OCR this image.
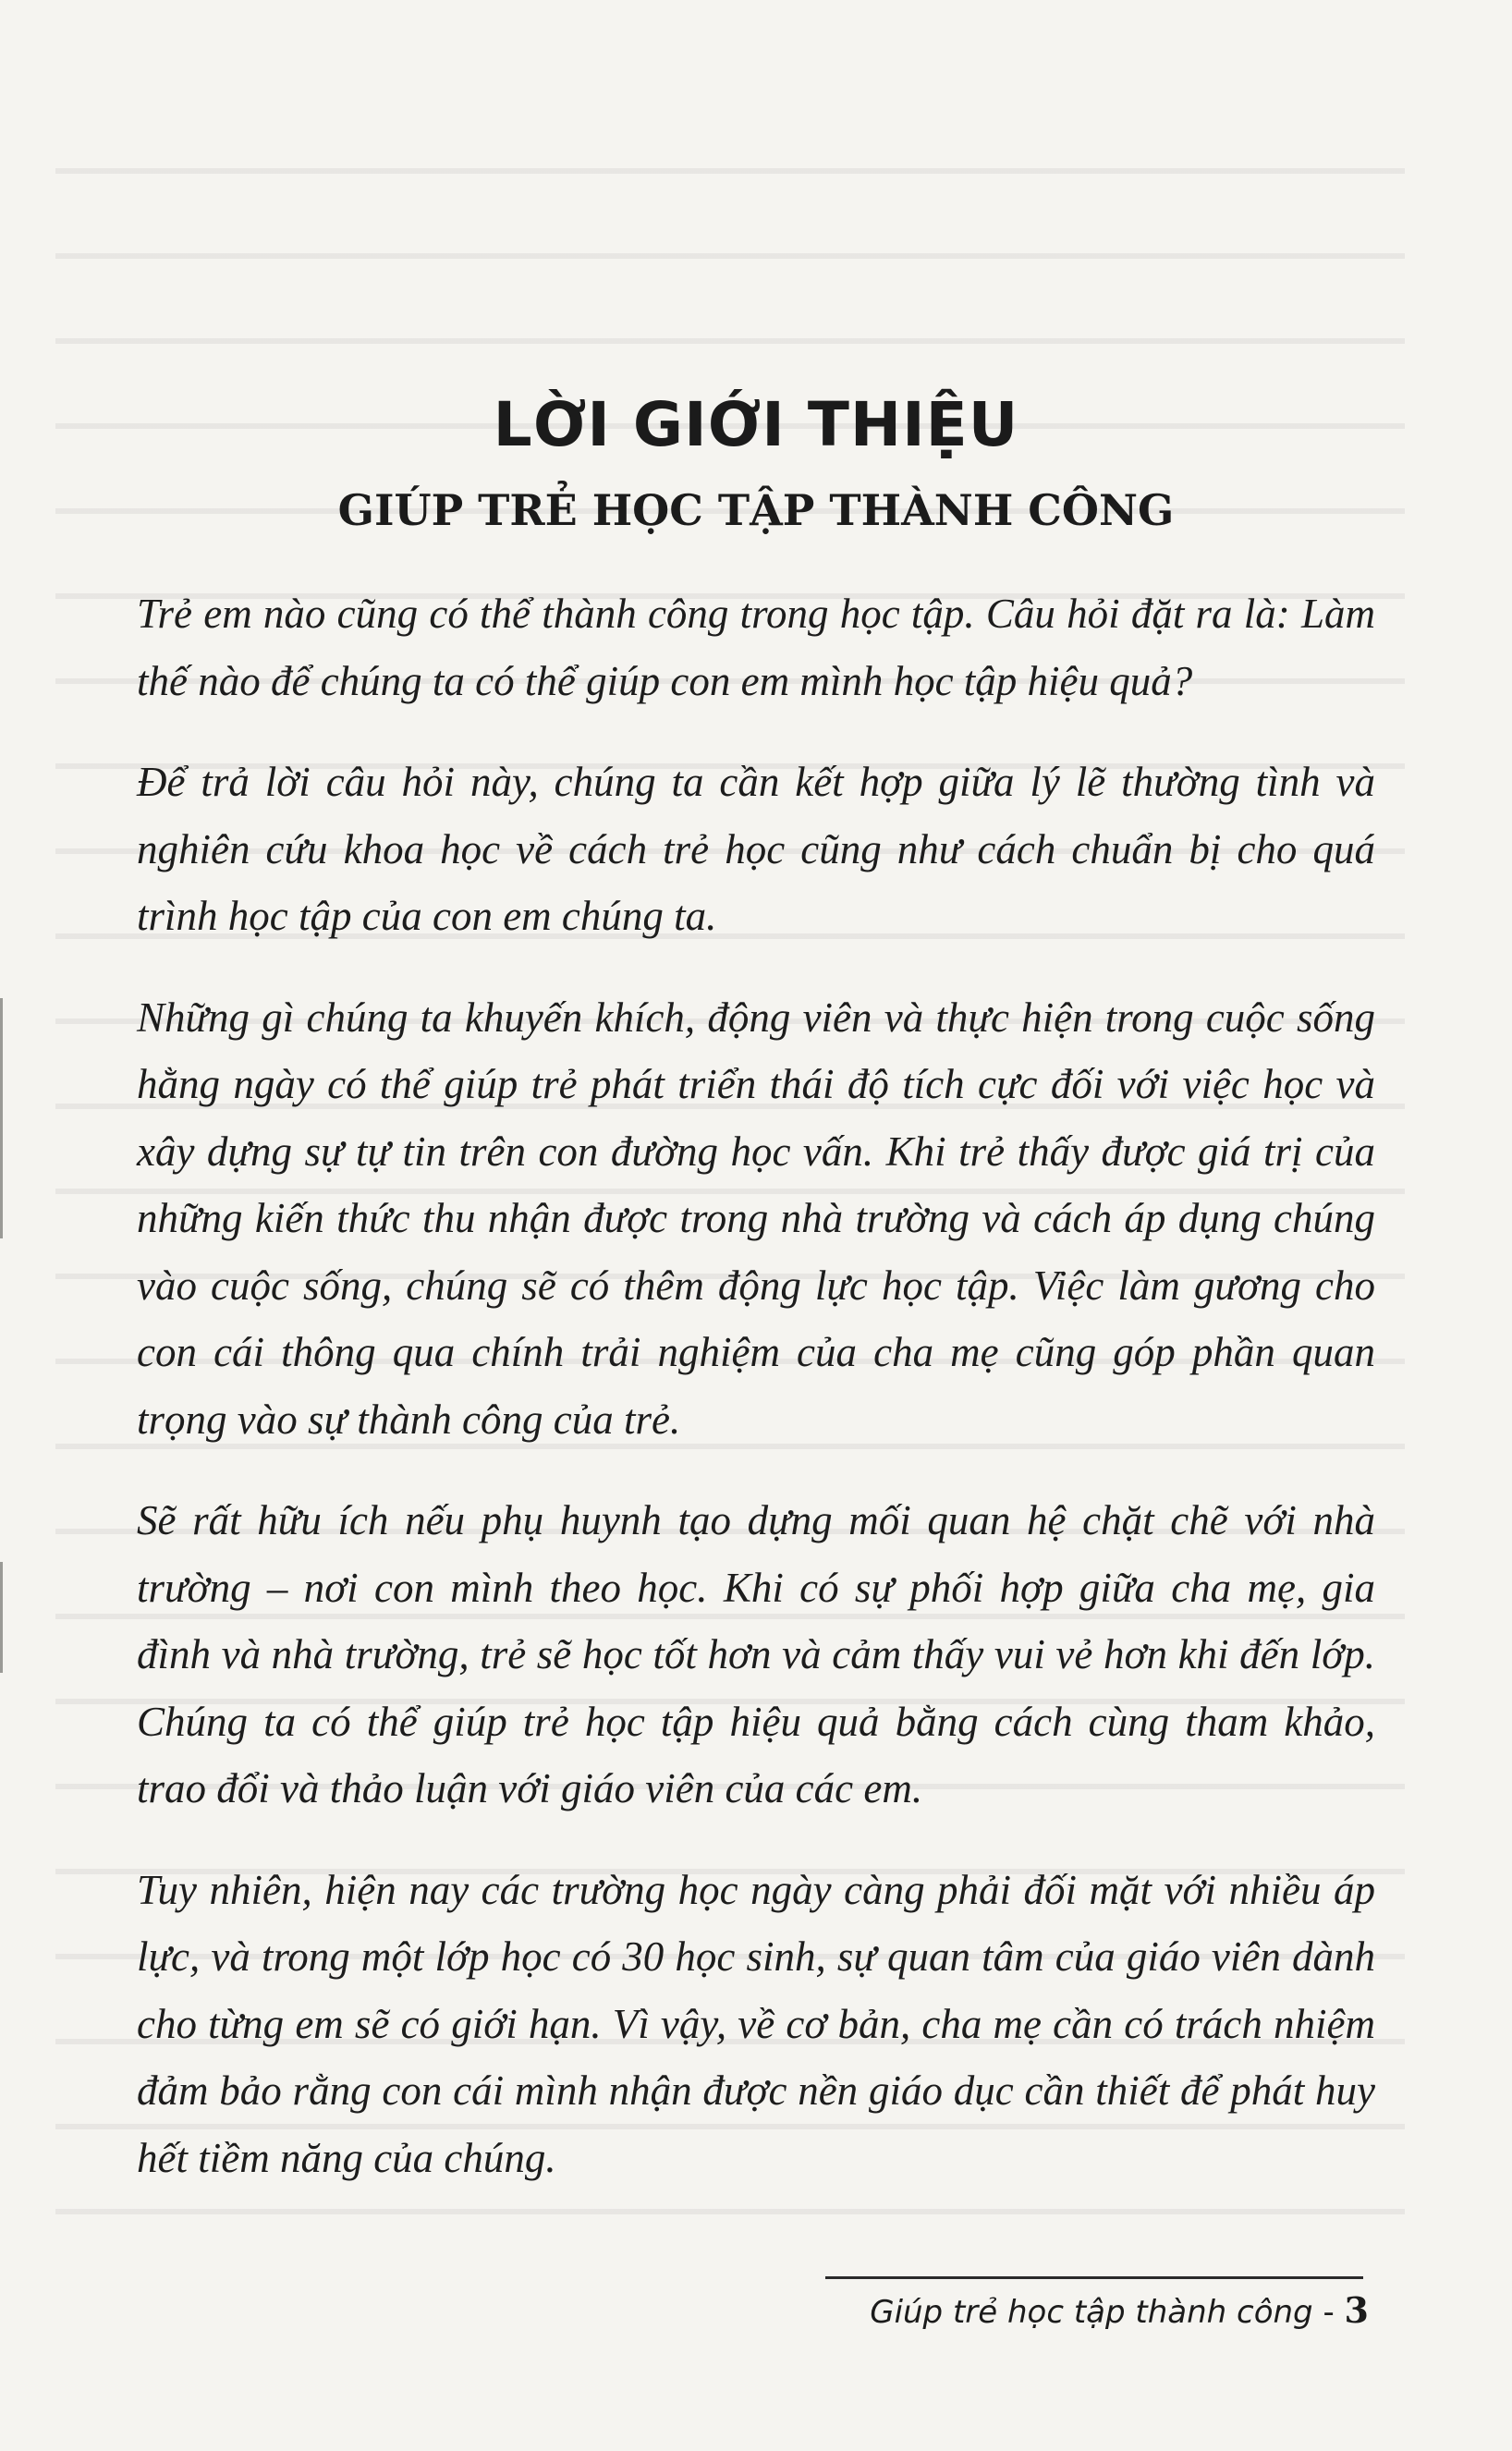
LỜI GIỚI THIỆU
GIÚP TRẺ HỌC TẬP THÀNH CÔNG

Trẻ em nào cũng có thể thành công trong học tập. Câu hỏi đặt ra là: Làm thế nào để chúng ta có thể giúp con em mình học tập hiệu quả?

Để trả lời câu hỏi này, chúng ta cần kết hợp giữa lý lẽ thường tình và nghiên cứu khoa học về cách trẻ học cũng như cách chuẩn bị cho quá trình học tập của con em chúng ta.

Những gì chúng ta khuyến khích, động viên và thực hiện trong cuộc sống hằng ngày có thể giúp trẻ phát triển thái độ tích cực đối với việc học và xây dựng sự tự tin trên con đường học vấn. Khi trẻ thấy được giá trị của những kiến thức thu nhận được trong nhà trường và cách áp dụng chúng vào cuộc sống, chúng sẽ có thêm động lực học tập. Việc làm gương cho con cái thông qua chính trải nghiệm của cha mẹ cũng góp phần quan trọng vào sự thành công của trẻ.

Sẽ rất hữu ích nếu phụ huynh tạo dựng mối quan hệ chặt chẽ với nhà trường – nơi con mình theo học. Khi có sự phối hợp giữa cha mẹ, gia đình và nhà trường, trẻ sẽ học tốt hơn và cảm thấy vui vẻ hơn khi đến lớp. Chúng ta có thể giúp trẻ học tập hiệu quả bằng cách cùng tham khảo, trao đổi và thảo luận với giáo viên của các em.

Tuy nhiên, hiện nay các trường học ngày càng phải đối mặt với nhiều áp lực, và trong một lớp học có 30 học sinh, sự quan tâm của giáo viên dành cho từng em sẽ có giới hạn. Vì vậy, về cơ bản, cha mẹ cần có trách nhiệm đảm bảo rằng con cái mình nhận được nền giáo dục cần thiết để phát huy hết tiềm năng của chúng.

Giúp trẻ học tập thành công - 3
